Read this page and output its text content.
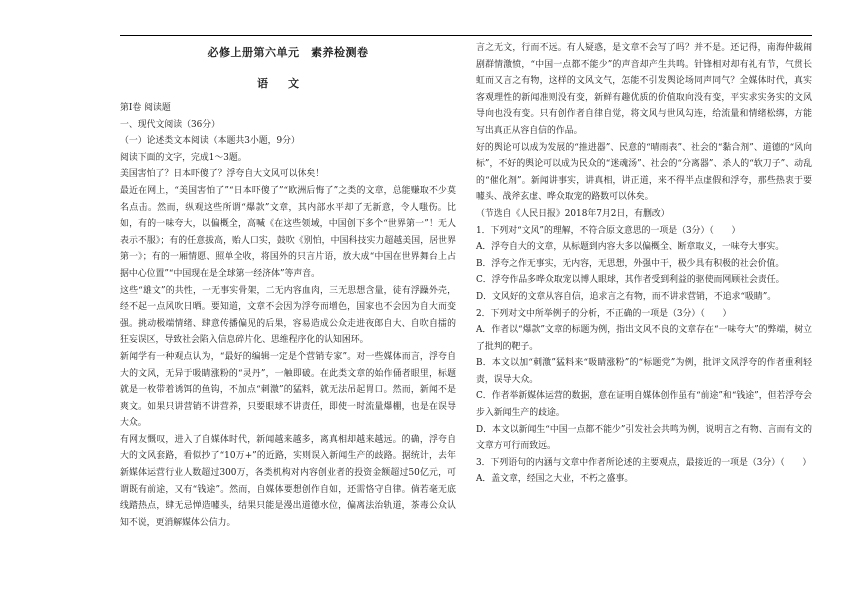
必修上册第六单元　素养检测卷
语文

第Ⅰ卷 阅读题

一、现代文阅读（36分）

（一）论述类文本阅读（本题共3小题，9分）

阅读下面的文字，完成1～3题。

美国害怕了？日本吓傻了？浮夸自大文风可以休矣！

最近在网上，“美国害怕了”“日本吓傻了”“欧洲后悔了”之类的文章，总能赚取不少莫名点击。然而，纵观这些所谓“爆款”文章，其内部水平却了无新意，令人嗤伤。比如，有的一味夸大，以偏概全，高喊《在这些领域，中国创下多个“世界第一”！无人表示不服》；有的任意拔高，贻人口实，鼓吹《别怕，中国科技实力超越美国，居世界第一》；有的一厢情愿、照单全收，将国外的只言片语，放大成“中国在世界舞台上占据中心位置”“中国现在是全球第一经济体”等声音。

这些“雄文”的共性，一无事实骨架，二无内容血肉，三无思想含量，徒有浮躁外壳，经不起一点风吹日晒。要知道，文章不会因为浮夸而增色，国家也不会因为自大而变强。挑动极端情绪、肆意传播偏见的后果，容易造成公众走进夜郎自大、自吹自擂的狂妄误区，导致社会陷入信息碎片化、思维程序化的认知困环。

新闻学有一种观点认为，“最好的编辑一定是个营销专家”。对一些媒体而言，浮夸自大的文风，无异于吸睛涨粉的“灵丹”，一触即破。在此类文章的始作俑者眼里，标题就是一枚带着诱饵的鱼钩，不加点“刺激”的猛料，就无法吊起胃口。然而，新闻不是爽文。如果只讲营销不讲营养，只要眼球不讲责任，即使一时流量爆棚，也是在误导大众。

有网友慨叹，进入了自媒体时代，新闻越来越多，离真相却越来越远。的确，浮夸自大的文风套路，看似抄了“10万+”的近路，实则误入新闻生产的歧路。据统计，去年新媒体运营行业人数超过300万，各类机构对内容创业者的投资金额超过50亿元，可谓既有前途，又有“钱途”。然而，自媒体要想创作自如，还需恪守自律。倘若毫无底线踏热点，肆无忌惮造噱头，结果只能是漫出道德水位，偏离法治轨道，茶毒公众认知不说，更消解媒体公信力。

言之无文，行而不远。有人疑惑，是文章不会写了吗？并不是。还记得，南海仲裁闹剧群情激愤，“中国一点都不能少”的声音却产生共鸣。针锋相对却有礼有节，气贯长虹而又言之有物，这样的文风文气，怎能不引发舆论场同声同气？全媒体时代，真实客观理性的新闻准则没有变，新鲜有趣优质的价值取向没有变，平实求实务实的文风导向也没有变。只有创作者自律自觉，将文风与世风勾连，给流量和情绪松绑，方能写出真正从容自信的作品。

好的舆论可以成为发展的“推进器”、民意的“晴雨表”、社会的“黏合剂”、道德的“风向标”，不好的舆论可以成为民众的“迷魂汤”、社会的“分离器”、杀人的“软刀子”、动乱的“催化剂”。新闻讲事实，讲真相，讲正道，来不得半点虚假和浮夸，那些热衷于要噱头、战斧玄虚、哗众取宠的路数可以休矣。

（节选自《人民日报》2018年7月2日，有删改）

1．下列对“文风”的理解，不符合原文意思的一项是（3分）（　　）

A．浮夸自大的文章，从标题到内容大多以偏概全、断章取义，一味夸大事实。

B．浮夸之作无事实，无内容，无思想，外强中干，极少具有积极的社会价值。

C．浮夸作品多哗众取宠以博人眼球，其作者受到利益的驱使而网顾社会责任。

D．文风好的文章从容自信，追求言之有物，而不讲求营销，不追求“吸睛”。

2．下列对文中所举例子的分析，不正确的一项是（3分）（　　）

A．作者以“爆款”文章的标题为例，指出文风不良的文章存在“一味夸大”的弊端，树立了批判的靶子。

B．本文以加“刺激”猛料来“吸睛涨粉”的“标题党”为例，批评文风浮夸的作者重利轻责，误导大众。

C．作者举新媒体运营的数据，意在证明自媒体创作虽有“前途”和“钱途”，但若浮夸会步入新闻生产的歧途。

D．本文以新闻生“中国一点都不能少”引发社会共鸣为例，说明言之有物、言而有文的文章方可行而致远。

3．下列语句的内涵与文章中作者所论述的主要观点，最接近的一项是（3分）（　　）

A．盖文章，经国之大业，不朽之盛事。
